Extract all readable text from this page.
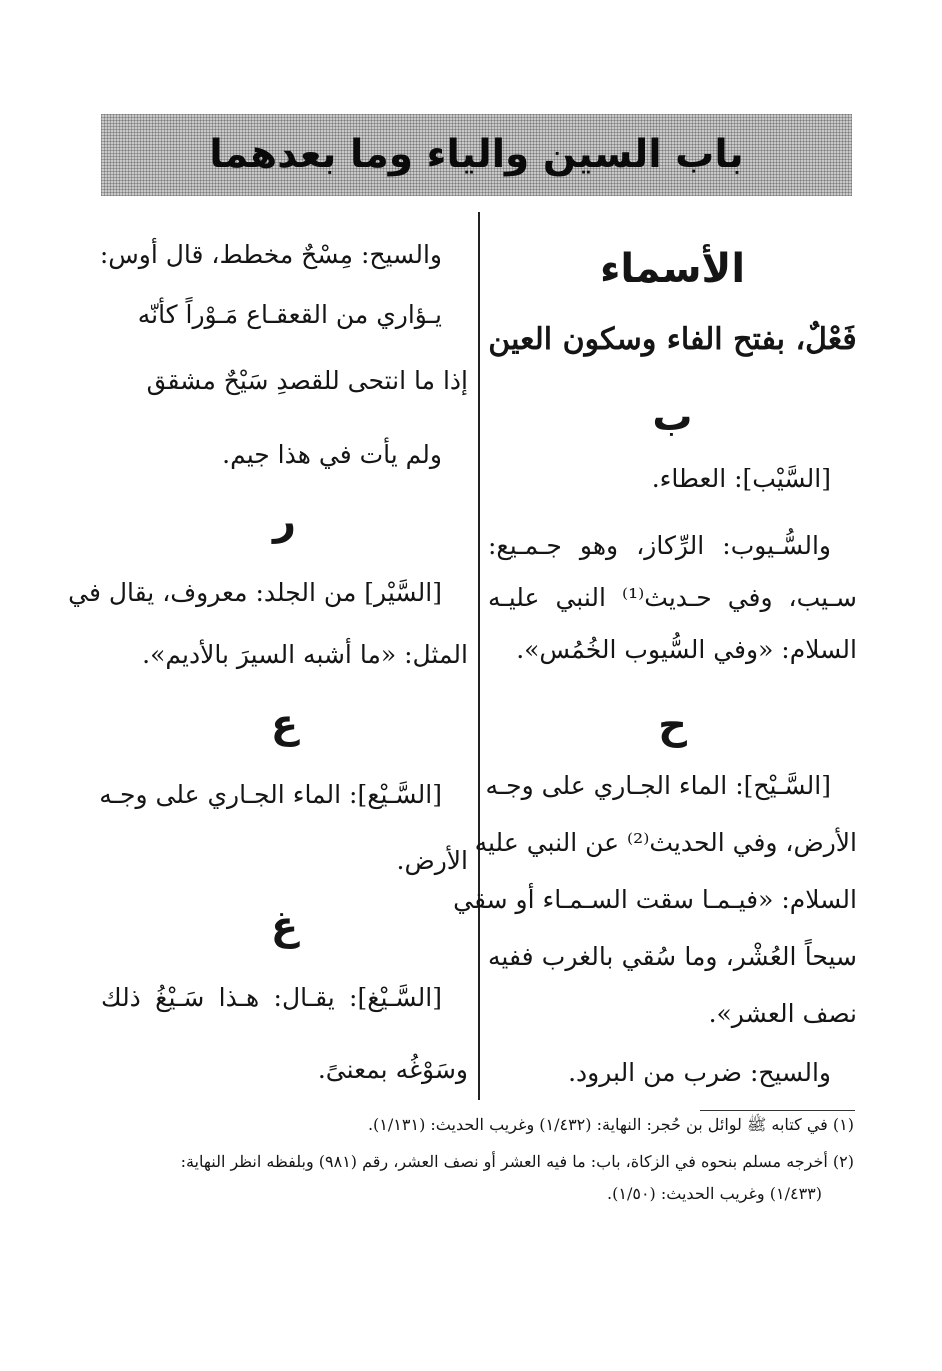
باب السين والياء وما بعدهما
الأسماء
فَعْلٌ، بفتح الفاء وسكون العين
ب
[السَّيْب]: العطاء.
والسُّـيوب: الرِّكاز، وهو جـمـيع:
سـيب، وفي حـديث⁽¹⁾ النبي عليـه
السلام: «وفي السُّيوب الخُمُس».
ح
[السَّـيْح]: الماء الجـاري على وجـه
الأرض، وفي الحديث⁽²⁾ عن النبي عليه
السلام: «فيـمـا سقت السـمـاء أو سقي
سيحاً العُشْر، وما سُقي بالغرب ففيه
نصف العشر».
والسيح: ضرب من البرود.
والسيح: مِسْحٌ مخطط، قال أوس:
يـؤاري من القعقـاع مَـوْراً كأنّه
إذا ما انتحى للقصدِ سَيْحٌ مشقق
ولم يأت في هذا جيم.
ر
[السَّيْر] من الجلد: معروف، يقال في
المثل: «ما أشبه السيرَ بالأديم».
ع
[السَّـيْع]: الماء الجـاري على وجـه
الأرض.
غ
[السَّـيْغ]: يقـال: هـذا سَـيْغُ ذلك
وسَوْغُه بمعنىً.
(١) في كتابه ﷺ لوائل بن حُجر: النهاية: (١/٤٣٢) وغريب الحديث: (١/١٣١).
(٢) أخرجه مسلم بنحوه في الزكاة، باب: ما فيه العشر أو نصف العشر، رقم (٩٨١) وبلفظه انظر النهاية:
(١/٤٣٣) وغريب الحديث: (١/٥٠).
